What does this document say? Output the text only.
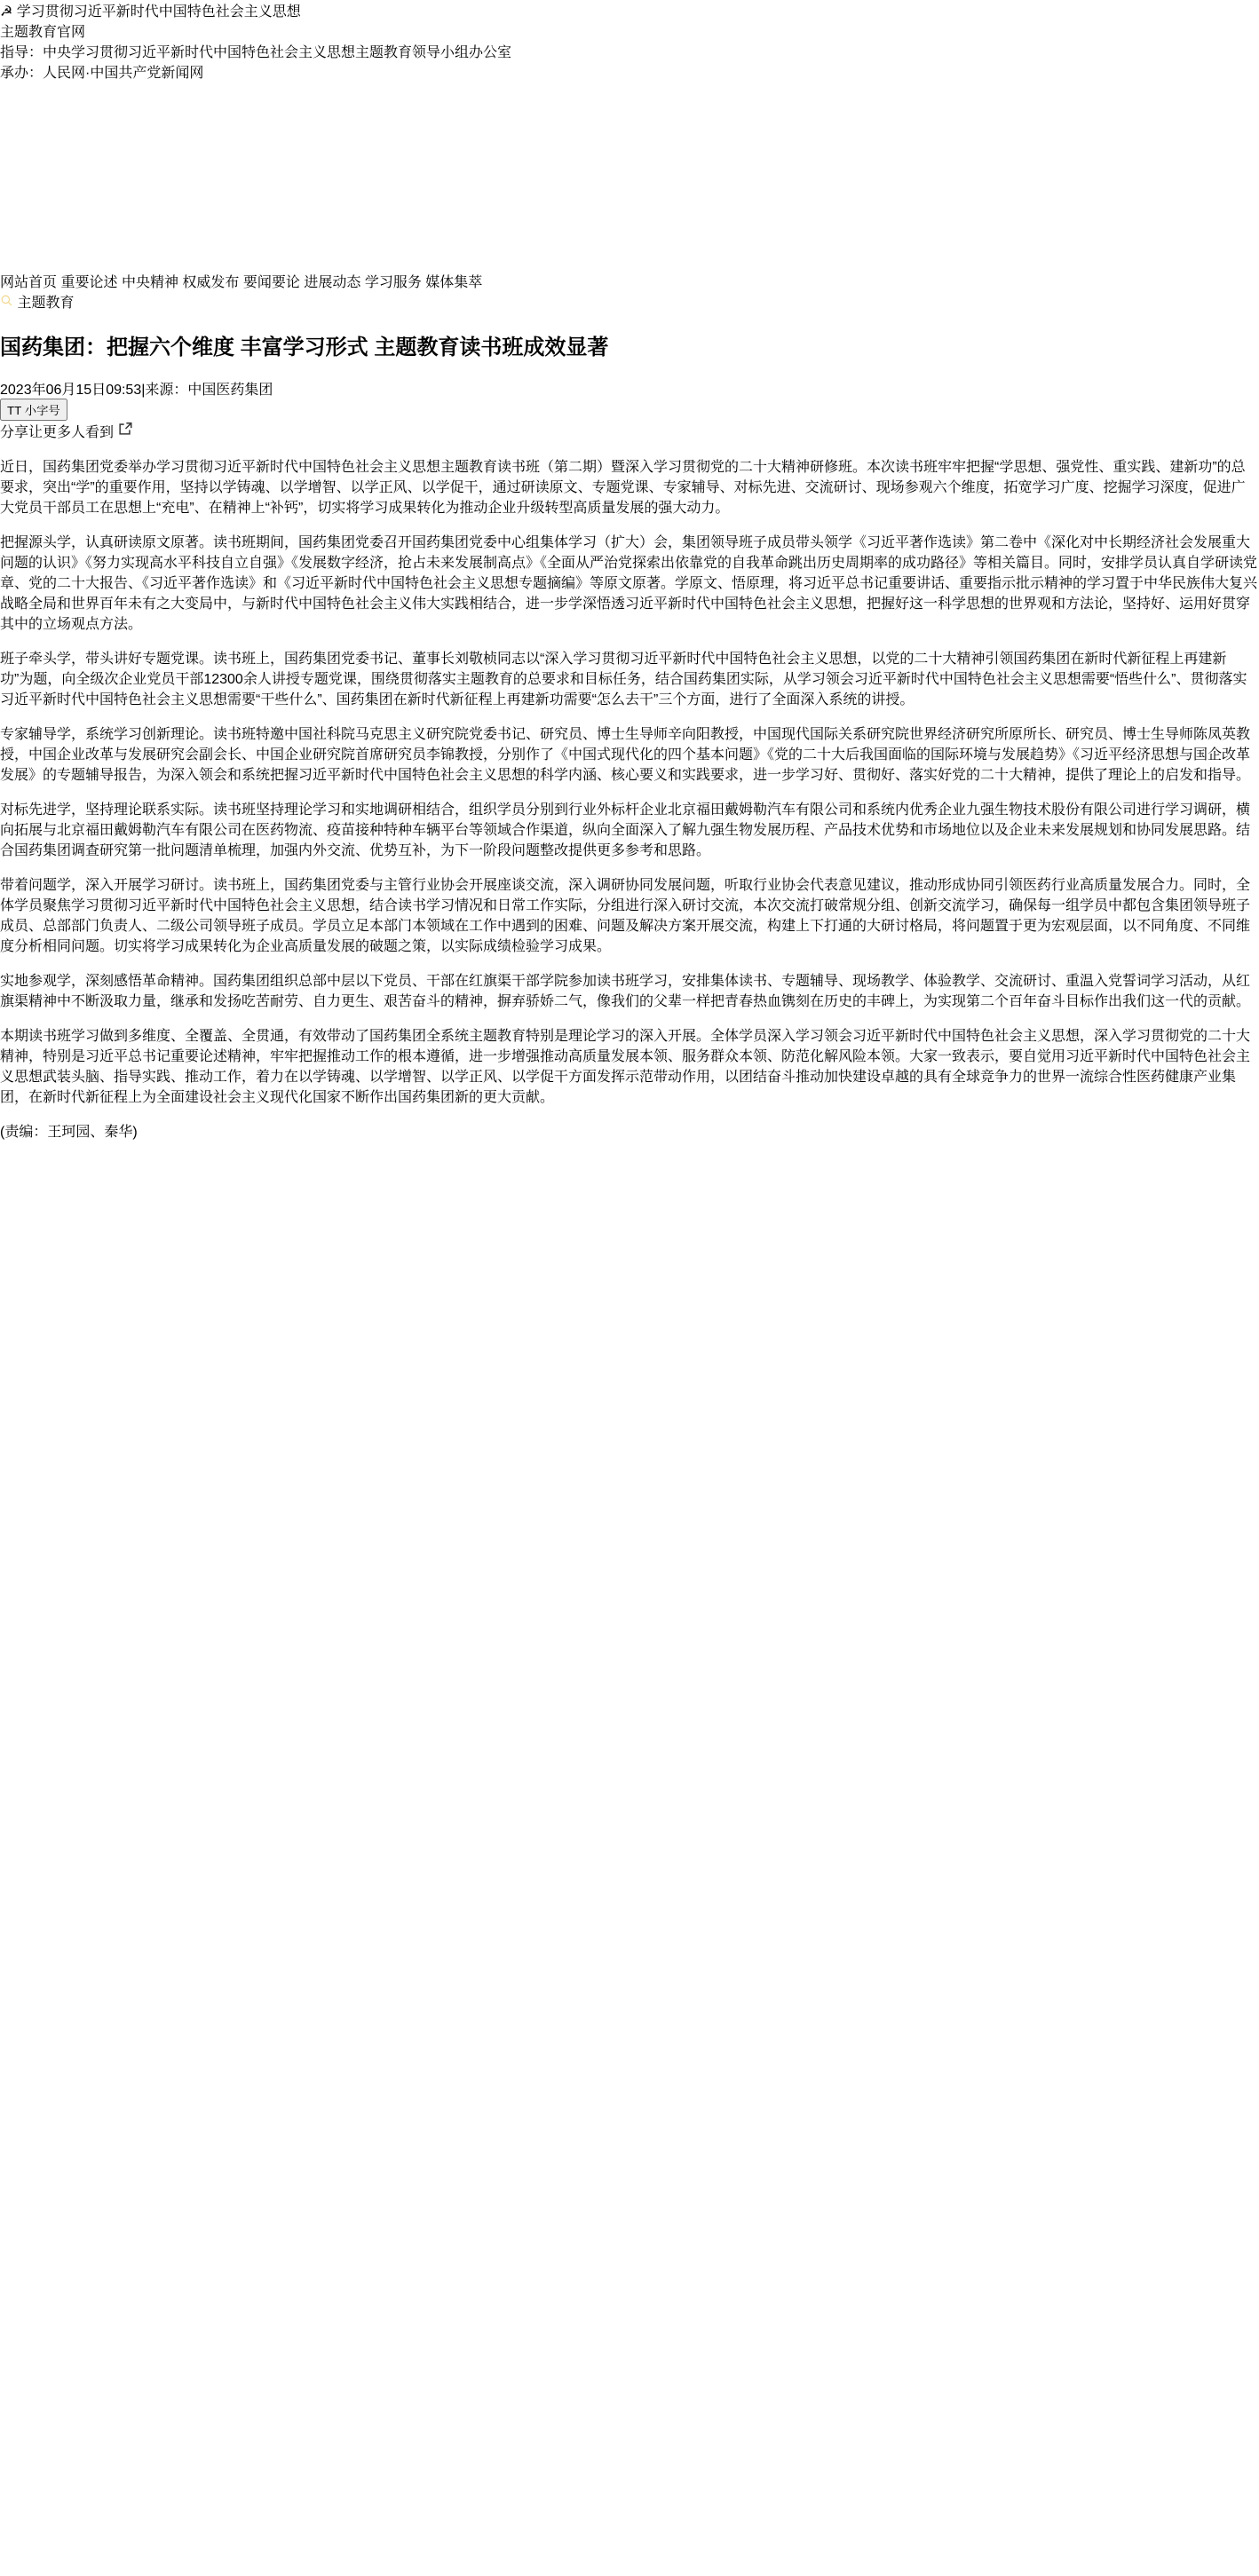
☭ 学习贯彻习近平新时代中国特色社会主义思想
主题教育官网
指导：中央学习贯彻习近平新时代中国特色社会主义思想主题教育领导小组办公室
承办：人民网·中国共产党新闻网
网站首页 重要论述 中央精神 权威发布 要闻要论 进展动态 学习服务 媒体集萃
主题教育
国药集团：把握六个维度 丰富学习形式 主题教育读书班成效显著
2023年06月15日09:53|来源：中国医药集团
TT 小字号
分享让更多人看到

近日，国药集团党委举办学习贯彻习近平新时代中国特色社会主义思想主题教育读书班（第二期）暨深入学习贯彻党的二十大精神研修班。本次读书班牢牢把握“学思想、强党性、重实践、建新功”的总要求，突出“学”的重要作用，坚持以学铸魂、以学增智、以学正风、以学促干，通过研读原文、专题党课、专家辅导、对标先进、交流研讨、现场参观六个维度，拓宽学习广度、挖掘学习深度，促进广大党员干部员工在思想上“充电”、在精神上“补钙”，切实将学习成果转化为推动企业升级转型高质量发展的强大动力。

把握源头学，认真研读原文原著。读书班期间，国药集团党委召开国药集团党委中心组集体学习（扩大）会，集团领导班子成员带头领学《习近平著作选读》第二卷中《深化对中长期经济社会发展重大问题的认识》《努力实现高水平科技自立自强》《发展数字经济，抢占未来发展制高点》《全面从严治党探索出依靠党的自我革命跳出历史周期率的成功路径》等相关篇目。同时，安排学员认真自学研读党章、党的二十大报告、《习近平著作选读》和《习近平新时代中国特色社会主义思想专题摘编》等原文原著。学原文、悟原理，将习近平总书记重要讲话、重要指示批示精神的学习置于中华民族伟大复兴战略全局和世界百年未有之大变局中，与新时代中国特色社会主义伟大实践相结合，进一步学深悟透习近平新时代中国特色社会主义思想，把握好这一科学思想的世界观和方法论，坚持好、运用好贯穿其中的立场观点方法。

班子牵头学，带头讲好专题党课。读书班上，国药集团党委书记、董事长刘敬桢同志以“深入学习贯彻习近平新时代中国特色社会主义思想，以党的二十大精神引领国药集团在新时代新征程上再建新功”为题，向全级次企业党员干部12300余人讲授专题党课，围绕贯彻落实主题教育的总要求和目标任务，结合国药集团实际，从学习领会习近平新时代中国特色社会主义思想需要“悟些什么”、贯彻落实习近平新时代中国特色社会主义思想需要“干些什么”、国药集团在新时代新征程上再建新功需要“怎么去干”三个方面，进行了全面深入系统的讲授。

专家辅导学，系统学习创新理论。读书班特邀中国社科院马克思主义研究院党委书记、研究员、博士生导师辛向阳教授，中国现代国际关系研究院世界经济研究所原所长、研究员、博士生导师陈凤英教授，中国企业改革与发展研究会副会长、中国企业研究院首席研究员李锦教授，分别作了《中国式现代化的四个基本问题》《党的二十大后我国面临的国际环境与发展趋势》《习近平经济思想与国企改革发展》的专题辅导报告，为深入领会和系统把握习近平新时代中国特色社会主义思想的科学内涵、核心要义和实践要求，进一步学习好、贯彻好、落实好党的二十大精神，提供了理论上的启发和指导。

对标先进学，坚持理论联系实际。读书班坚持理论学习和实地调研相结合，组织学员分别到行业外标杆企业北京福田戴姆勒汽车有限公司和系统内优秀企业九强生物技术股份有限公司进行学习调研，横向拓展与北京福田戴姆勒汽车有限公司在医药物流、疫苗接种特种车辆平台等领域合作渠道，纵向全面深入了解九强生物发展历程、产品技术优势和市场地位以及企业未来发展规划和协同发展思路。结合国药集团调查研究第一批问题清单梳理，加强内外交流、优势互补，为下一阶段问题整改提供更多参考和思路。

带着问题学，深入开展学习研讨。读书班上，国药集团党委与主管行业协会开展座谈交流，深入调研协同发展问题，听取行业协会代表意见建议，推动形成协同引领医药行业高质量发展合力。同时，全体学员聚焦学习贯彻习近平新时代中国特色社会主义思想，结合读书学习情况和日常工作实际，分组进行深入研讨交流，本次交流打破常规分组、创新交流学习，确保每一组学员中都包含集团领导班子成员、总部部门负责人、二级公司领导班子成员。学员立足本部门本领域在工作中遇到的困难、问题及解决方案开展交流，构建上下打通的大研讨格局，将问题置于更为宏观层面，以不同角度、不同维度分析相同问题。切实将学习成果转化为企业高质量发展的破题之策，以实际成绩检验学习成果。

实地参观学，深刻感悟革命精神。国药集团组织总部中层以下党员、干部在红旗渠干部学院参加读书班学习，安排集体读书、专题辅导、现场教学、体验教学、交流研讨、重温入党誓词学习活动，从红旗渠精神中不断汲取力量，继承和发扬吃苦耐劳、自力更生、艰苦奋斗的精神，摒弃骄娇二气，像我们的父辈一样把青春热血镌刻在历史的丰碑上，为实现第二个百年奋斗目标作出我们这一代的贡献。

本期读书班学习做到多维度、全覆盖、全贯通，有效带动了国药集团全系统主题教育特别是理论学习的深入开展。全体学员深入学习领会习近平新时代中国特色社会主义思想，深入学习贯彻党的二十大精神，特别是习近平总书记重要论述精神，牢牢把握推动工作的根本遵循，进一步增强推动高质量发展本领、服务群众本领、防范化解风险本领。大家一致表示，要自觉用习近平新时代中国特色社会主义思想武装头脑、指导实践、推动工作，着力在以学铸魂、以学增智、以学正风、以学促干方面发挥示范带动作用，以团结奋斗推动加快建设卓越的具有全球竞争力的世界一流综合性医药健康产业集团，在新时代新征程上为全面建设社会主义现代化国家不断作出国药集团新的更大贡献。

(责编：王珂园、秦华)
